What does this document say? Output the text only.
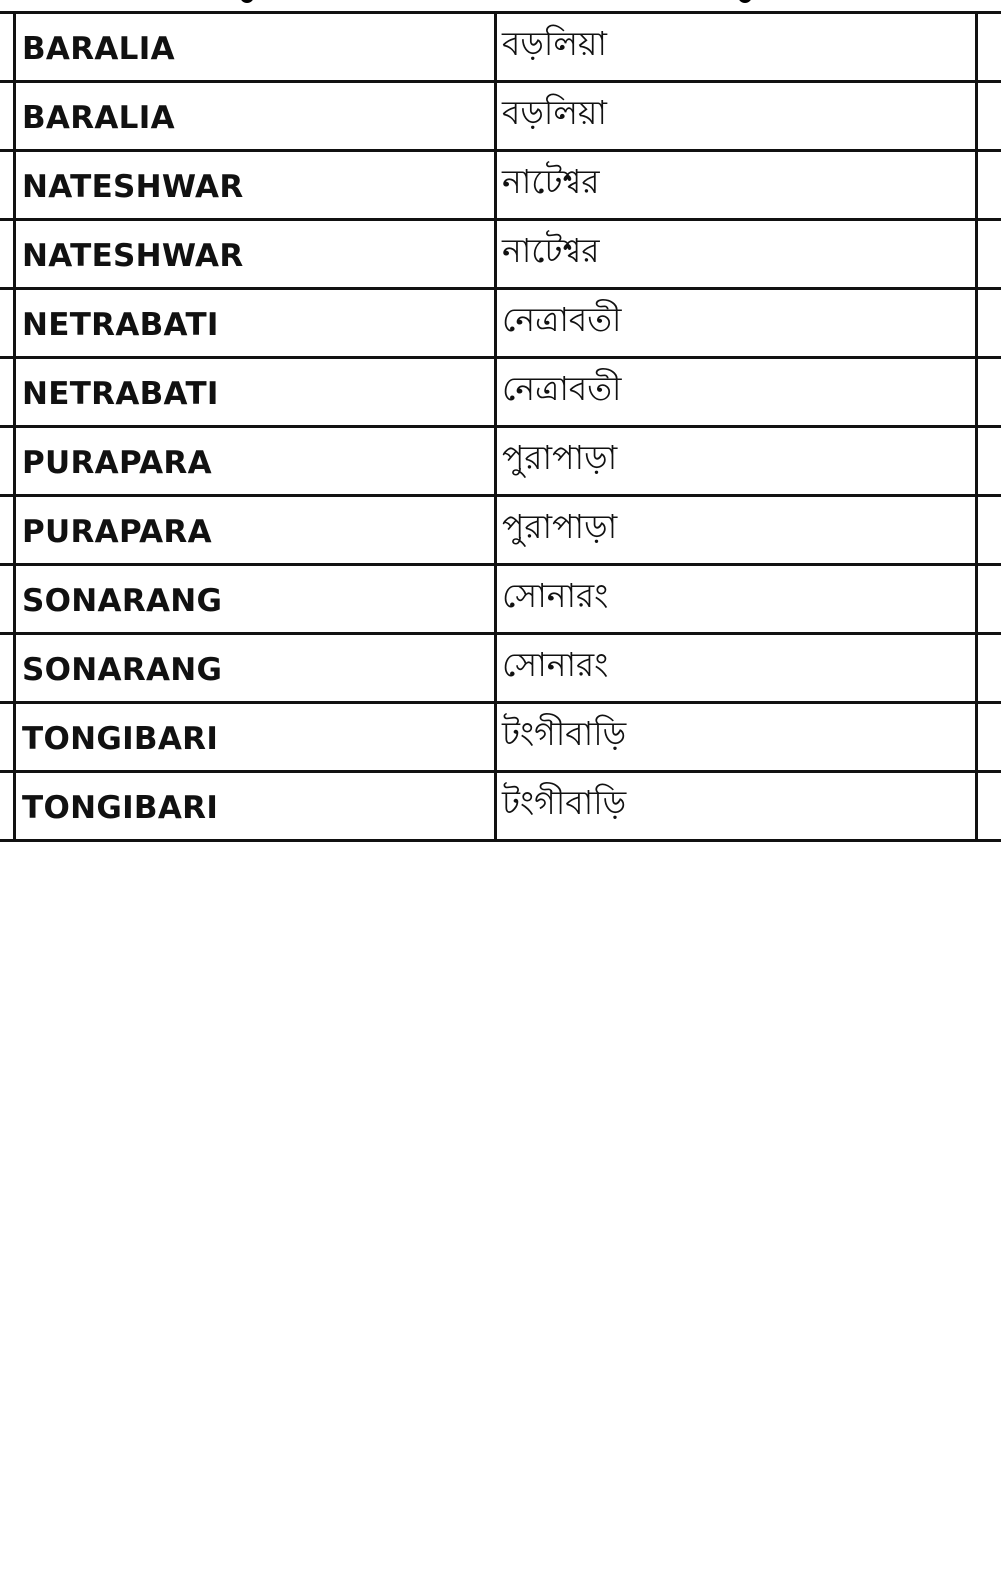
BARALIA	বড়লিয়া
BARALIA	বড়লিয়া
NATESHWAR	নাটেশ্বর
NATESHWAR	নাটেশ্বর
NETRABATI	নেত্রাবতী
NETRABATI	নেত্রাবতী
PURAPARA	পুরাপাড়া
PURAPARA	পুরাপাড়া
SONARANG	সোনারং
SONARANG	সোনারং
TONGIBARI	টংগীবাড়ি
TONGIBARI	টংগীবাড়ি
